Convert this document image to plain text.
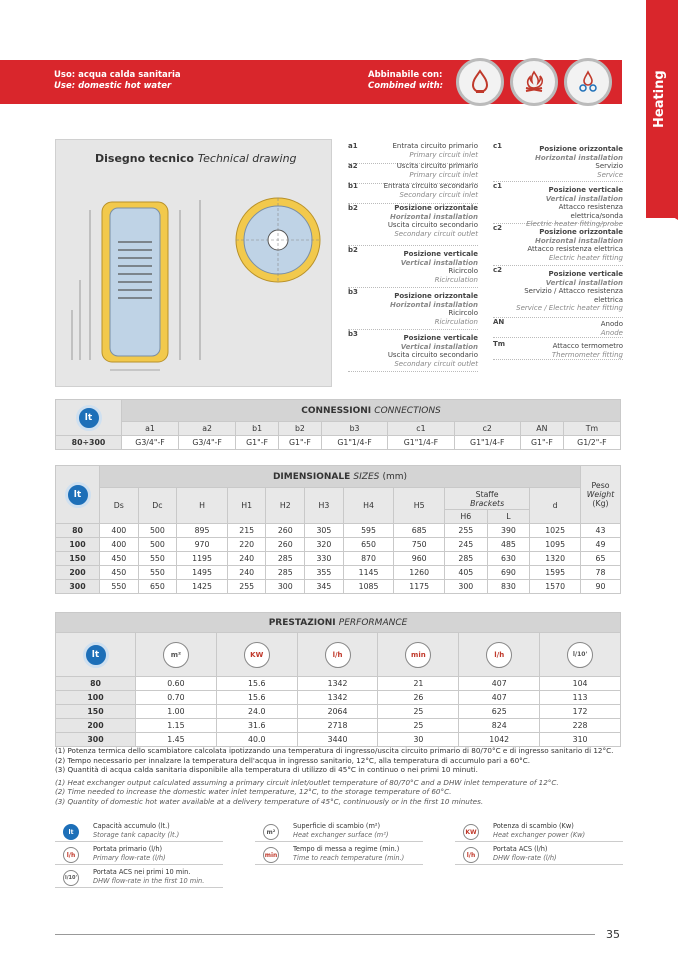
Heating
Uso: acqua calda sanitaria
Use: domestic hot water
Abbinabile con:
Combined with:
Disegno tecnico Technical drawing
a1	Entrata circuito primario
Primary circuit inlet
a2	Uscita circuito primario
Primary circuit inlet
b1	Entrata circuito secondario
Secondary circuit inlet
b2	Posizione orizzontale
Horizontal installation
Uscita circuito secondario
Secondary circuit outlet
b2	Posizione verticale
Vertical installation
Ricircolo
Ricirculation
b3	Posizione orizzontale
Horizontal installation
Ricircolo
Ricirculation
b3	Posizione verticale
Vertical installation
Uscita circuito secondario
Secondary circuit outlet
c1	Posizione orizzontale
Horizontal installation
Servizio
Service
c1	Posizione verticale
Vertical installation
Attacco resistenza elettrica/sonda
Electric heater fitting/probe
c2	Posizione orizzontale
Horizontal installation
Attacco resistenza elettrica
Electric heater fitting
c2	Posizione verticale
Vertical installation
Servizio / Attacco resistenza elettrica
Service / Electric heater fitting
AN	Anodo
Anode
Tm	Attacco termometro
Thermometer fitting
lt	CONNESSIONI CONNECTIONS								
	a1	a2	b1	b2	b3	c1	c2	AN	Tm
80÷300	G3/4"-F	G3/4"-F	G1"-F	G1"-F	G1"1/4-F	G1"1/4-F	G1"1/4-F	G1"-F	G1/2"-F
lt	DIMENSIONALE SIZES (mm)											Peso
Weight
(Kg)

	Ds	Dc	H	H1	H2	H3	H4	H5	Staffe
Brackets		d	
									H6	L		
80	400	500	895	215	260	305	595	685	255	390	1025	43
100	400	500	970	220	260	320	650	750	245	485	1095	49
150	450	550	1195	240	285	330	870	960	285	630	1320	65
200	450	550	1495	240	285	355	1145	1260	405	690	1595	78
300	550	650	1425	255	300	345	1085	1175	300	830	1570	90
PRESTAZIONI PERFORMANCE						
lt	m²	KW	l/h	min	l/h	l/10'
80	0.60	15.6	1342	21	407	104
100	0.70	15.6	1342	26	407	113
150	1.00	24.0	2064	25	625	172
200	1.15	31.6	2718	25	824	228
300	1.45	40.0	3440	30	1042	310
(1) Potenza termica dello scambiatore calcolata ipotizzando una temperatura di ingresso/uscita circuito primario di 80/70°C e di ingresso sanitario di 12°C.
(2) Tempo necessario per innalzare la temperatura dell'acqua in ingresso sanitario, 12°C, alla temperatura di accumulo pari a 60°C.
(3) Quantità di acqua calda sanitaria disponibile alla temperatura di utilizzo di 45°C in continuo o nei primi 10 minuti.
(1) Heat exchanger output calculated assuming a primary circuit inlet/outlet temperature of 80/70°C and a DHW inlet temperature of 12°C.
(2) Time needed to increase the domestic water inlet temperature, 12°C, to the storage temperature of 60°C.
(3) Quantity of domestic hot water available at a delivery temperature of 45°C, continuously or in the first 10 minutes.
lt
Capacità accumulo (lt.)
Storage tank capacity (lt.)	m²
Superficie di scambio (m²)
Heat exchanger surface (m²)	KW
Potenza di scambio (Kw)
Heat exchanger power (Kw)
l/h
Portata primario (l/h)
Primary flow-rate (l/h)	min
Tempo di messa a regime (min.)
Time to reach temperature (min.)	l/h
Portata ACS (l/h)
DHW flow-rate (l/h)
l/10'
Portata ACS nei primi 10 min.
DHW flow-rate in the first 10 min.
35
